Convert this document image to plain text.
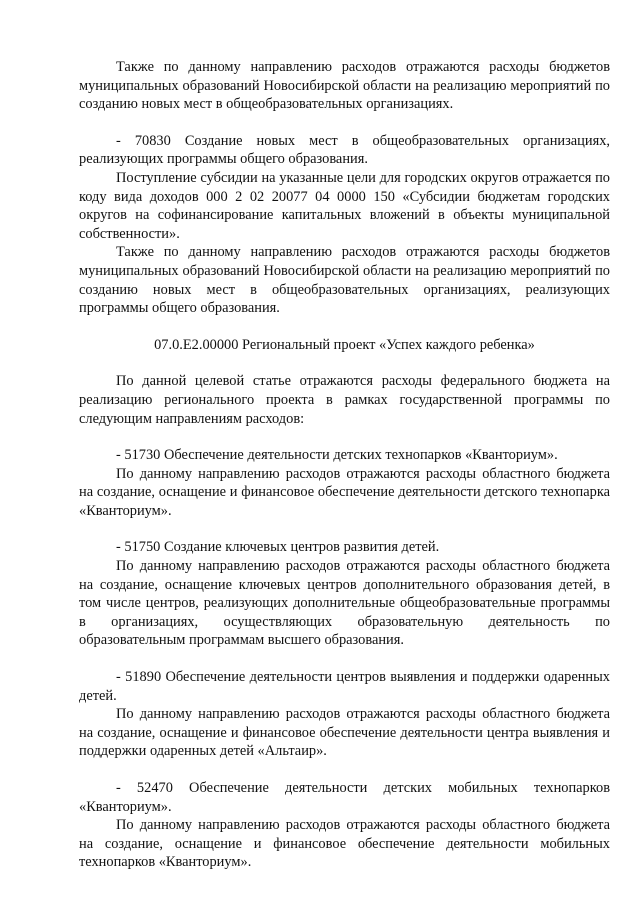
Также по данному направлению расходов отражаются расходы бюджетов муниципальных образований Новосибирской области на реализацию мероприятий по созданию новых мест в общеобразовательных организациях.

- 70830 Создание новых мест в общеобразовательных организациях, реализующих программы общего образования.

Поступление субсидии на указанные цели для городских округов отражается по коду вида доходов 000 2 02 20077 04 0000 150 «Субсидии бюджетам городских округов на софинансирование капитальных вложений в объекты муниципальной собственности».

Также по данному направлению расходов отражаются расходы бюджетов муниципальных образований Новосибирской области на реализацию мероприятий по созданию новых мест в общеобразовательных организациях, реализующих программы общего образования.

07.0.Е2.00000 Региональный проект «Успех каждого ребенка»

По данной целевой статье отражаются расходы федерального бюджета на реализацию регионального проекта в рамках государственной программы по следующим направлениям расходов:

- 51730 Обеспечение деятельности детских технопарков «Кванториум».

По данному направлению расходов отражаются расходы областного бюджета на создание, оснащение и финансовое обеспечение деятельности детского технопарка «Кванториум».

- 51750 Создание ключевых центров развития детей.

По данному направлению расходов отражаются расходы областного бюджета на создание, оснащение ключевых центров дополнительного образования детей, в том числе центров, реализующих дополнительные общеобразовательные программы в организациях, осуществляющих образовательную деятельность по образовательным программам высшего образования.

- 51890 Обеспечение деятельности центров выявления и поддержки одаренных детей.

По данному направлению расходов отражаются расходы областного бюджета на создание, оснащение и финансовое обеспечение деятельности центра выявления и поддержки одаренных детей «Альтаир».

- 52470 Обеспечение деятельности детских мобильных технопарков «Кванториум».

По данному направлению расходов отражаются расходы областного бюджета на создание, оснащение и финансовое обеспечение деятельности мобильных технопарков «Кванториум».
